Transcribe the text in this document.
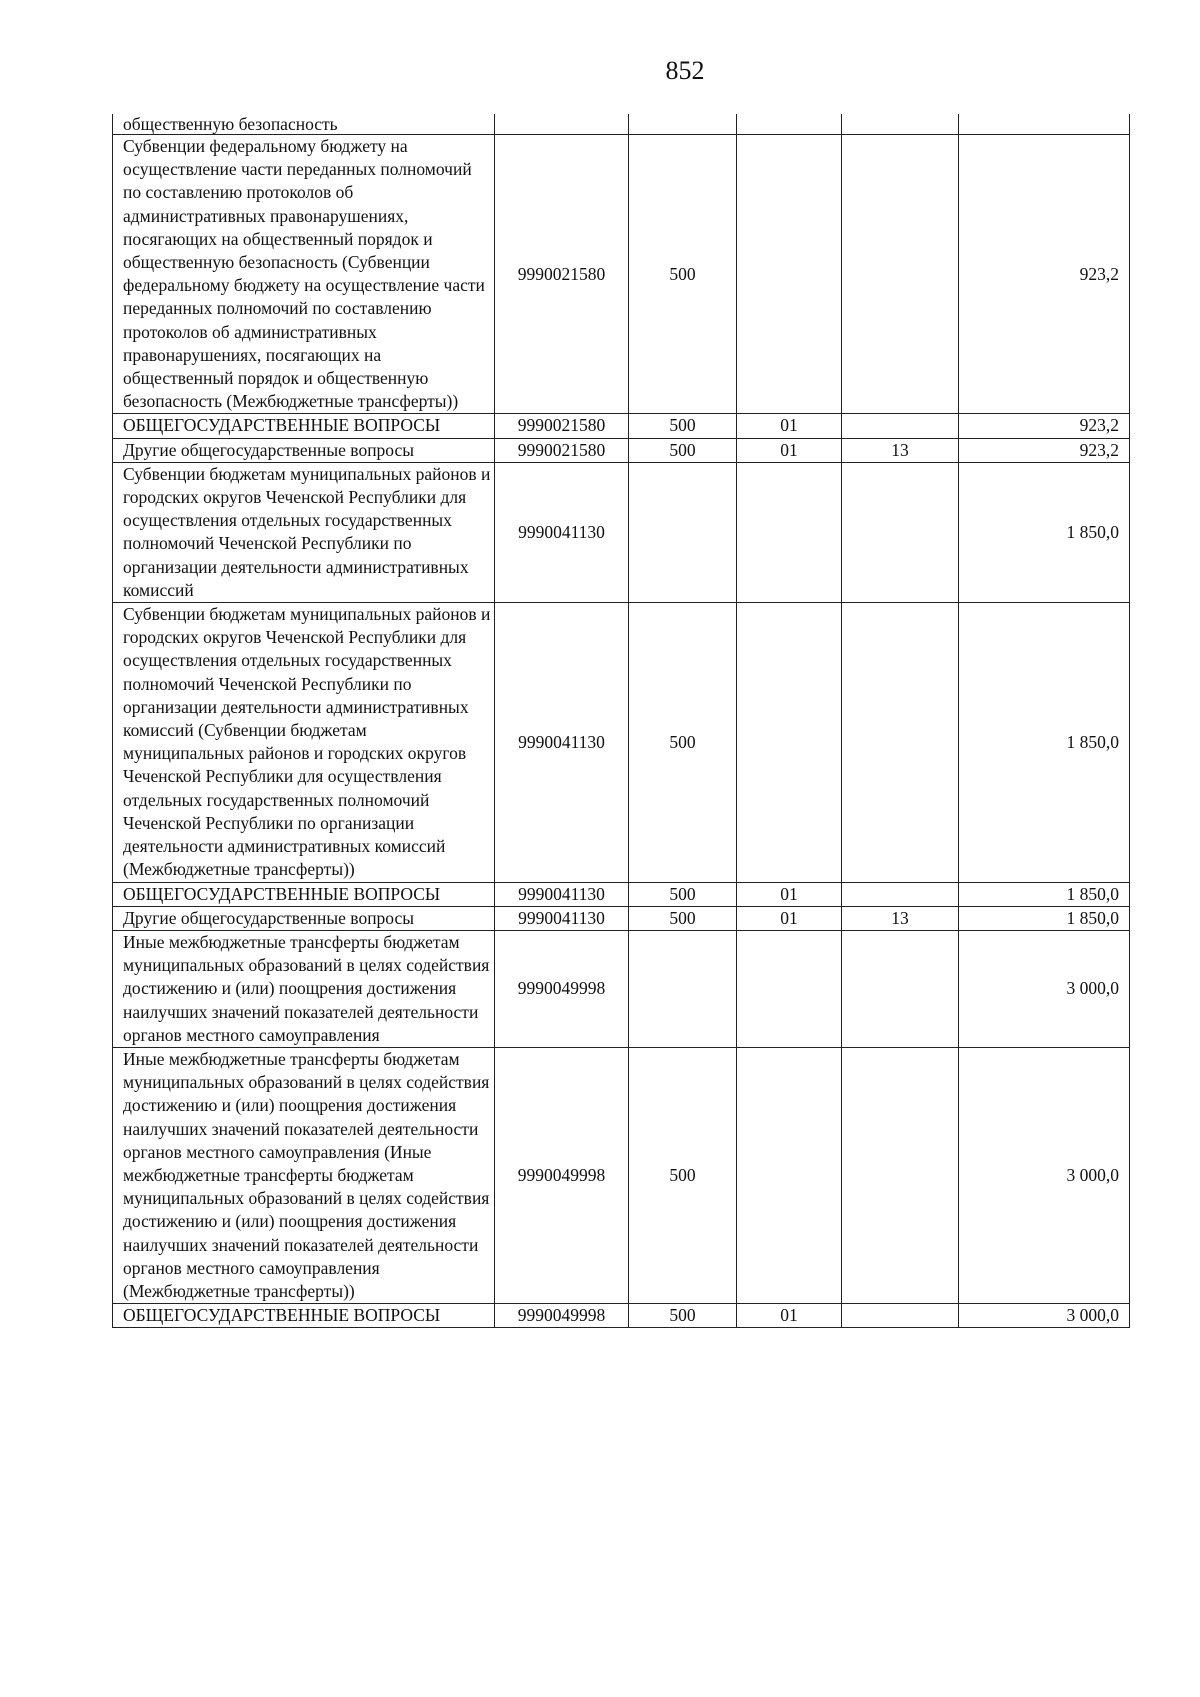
852
общественную безопасность					
Субвенции федеральному бюджету на осуществление части переданных полномочий по составлению протоколов об административных правонарушениях, посягающих на общественный порядок и общественную безопасность (Субвенции федеральному бюджету на осуществление части переданных полномочий по составлению протоколов об административных правонарушениях, посягающих на общественный порядок и общественную безопасность (Межбюджетные трансферты))	9990021580	500			923,2
ОБЩЕГОСУДАРСТВЕННЫЕ ВОПРОСЫ	9990021580	500	01		923,2
Другие общегосударственные вопросы	9990021580	500	01	13	923,2
Субвенции бюджетам муниципальных районов и городских округов Чеченской Республики для осуществления отдельных государственных полномочий Чеченской Республики по организации деятельности административных комиссий	9990041130				1 850,0
Субвенции бюджетам муниципальных районов и городских округов Чеченской Республики для осуществления отдельных государственных полномочий Чеченской Республики по организации деятельности административных комиссий (Субвенции бюджетам муниципальных районов и городских округов Чеченской Республики для осуществления отдельных государственных полномочий Чеченской Республики по организации деятельности административных комиссий (Межбюджетные трансферты))	9990041130	500			1 850,0
ОБЩЕГОСУДАРСТВЕННЫЕ ВОПРОСЫ	9990041130	500	01		1 850,0
Другие общегосударственные вопросы	9990041130	500	01	13	1 850,0
Иные межбюджетные трансферты бюджетам муниципальных образований в целях содействия достижению и (или) поощрения достижения наилучших значений показателей деятельности органов местного самоуправления	9990049998				3 000,0
Иные межбюджетные трансферты бюджетам муниципальных образований в целях содействия достижению и (или) поощрения достижения наилучших значений показателей деятельности органов местного самоуправления (Иные межбюджетные трансферты бюджетам муниципальных образований в целях содействия достижению и (или) поощрения достижения наилучших значений показателей деятельности органов местного самоуправления (Межбюджетные трансферты))	9990049998	500			3 000,0
ОБЩЕГОСУДАРСТВЕННЫЕ ВОПРОСЫ	9990049998	500	01		3 000,0
